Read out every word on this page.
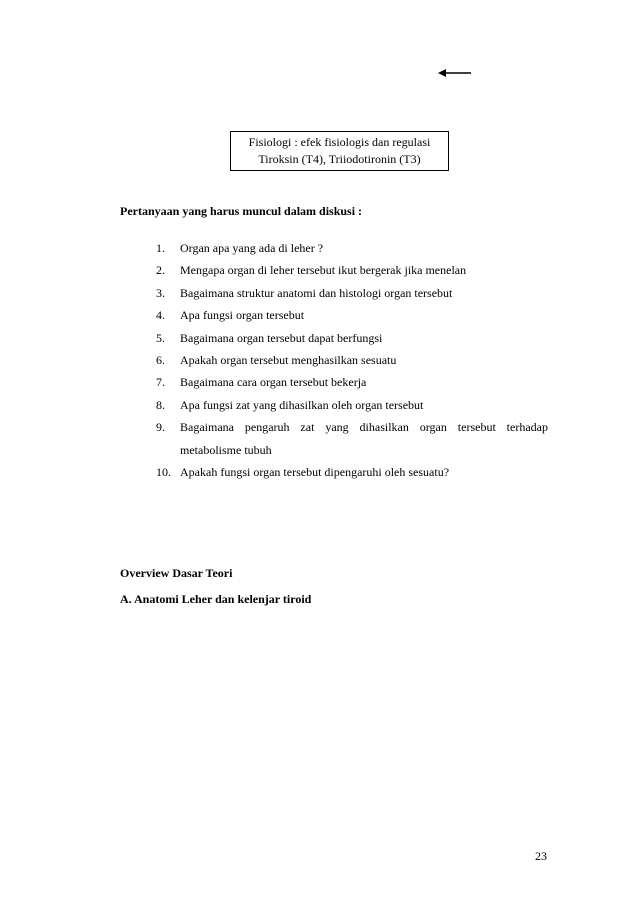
Fisiologi : efek fisiologis dan regulasi
Tiroksin (T4), Triiodotironin (T3)
Pertanyaan yang harus muncul dalam diskusi :
1. Organ apa yang ada di leher ?
2. Mengapa organ di leher tersebut ikut bergerak jika menelan
3. Bagaimana struktur anatomi dan histologi organ tersebut
4. Apa fungsi organ tersebut
5. Bagaimana organ tersebut dapat berfungsi
6. Apakah organ tersebut menghasilkan sesuatu
7. Bagaimana cara organ tersebut bekerja
8. Apa fungsi zat yang dihasilkan oleh organ tersebut
9. Bagaimana pengaruh zat yang dihasilkan organ tersebut terhadap
metabolisme tubuh
10. Apakah fungsi organ tersebut dipengaruhi oleh sesuatu?
Overview Dasar Teori
A. Anatomi Leher dan kelenjar tiroid
23
